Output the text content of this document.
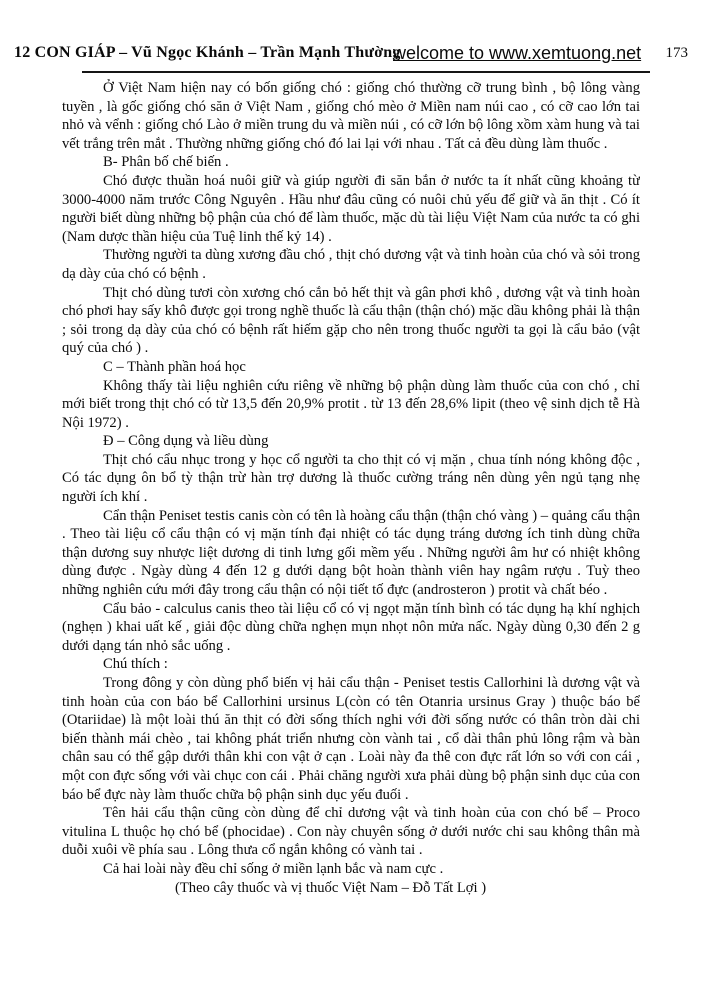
12 CON GIÁP – Vũ Ngọc Khánh – Trần Mạnh Thường
welcome to www.xemtuong.net 173

Ở Việt Nam hiện nay có bốn giống chó : giống chó thường cỡ trung bình , bộ lông vàng tuyền , là gốc giống chó săn ở Việt Nam , giống chó mèo ở Miền nam núi cao , có cỡ cao lớn tai nhỏ và vểnh : giống chó Lào ở miền trung du và miền núi , có cỡ lớn bộ lông xồm xàm hung và tai vết trắng trên mắt . Thường những giống chó đó lai lại với nhau . Tất cả đều dùng làm thuốc .

B- Phân bố chế biến .

Chó được thuần hoá nuôi giữ và giúp người đi săn bắn ở nước ta ít nhất cũng khoảng từ 3000-4000 năm trước Công Nguyên . Hầu như đâu cũng có nuôi chủ yếu để giữ và ăn thịt . Có ít người biết dùng những bộ phận của chó để làm thuốc, mặc dù tài liệu Việt Nam của nước ta có ghi (Nam dược thần hiệu của Tuệ linh thế kỷ 14) .

Thường người ta dùng xương đầu chó , thịt chó dương vật và tinh hoàn của chó và sỏi trong dạ dày của chó có bệnh .

Thịt chó dùng tươi còn xương chó cắn bỏ hết thịt và gân phơi khô , dương vật và tinh hoàn chó phơi hay sấy khô được gọi trong nghề thuốc là cẩu thận (thận chó) mặc dầu không phải là thận ; sỏi trong dạ dày của chó có bệnh rất hiếm gặp cho nên trong thuốc người ta gọi là cẩu bảo (vật quý của chó ) .

C – Thành phần hoá học

Không thấy tài liệu nghiên cứu riêng về những bộ phận dùng làm thuốc của con chó , chỉ mới biết trong thịt chó có từ 13,5 đến 20,9% protit . từ 13 đến 28,6% lipit (theo vệ sinh dịch tễ Hà Nội 1972) .

Đ – Công dụng và liều dùng

Thịt chó cẩu nhục trong y học cổ người ta cho thịt có vị mặn , chua tính nóng không độc , Có tác dụng ôn bổ tỳ thận trừ hàn trợ dương là thuốc cường tráng nên dùng yên ngủ tạng nhẹ người ích khí .

Cẩn thận Peniset testis canis còn có tên là hoàng cẩu thận (thận chó vàng ) – quảng cẩu thận . Theo tài liệu cổ cẩu thận có vị mặn tính đại nhiệt có tác dụng tráng dương ích tinh dùng chữa thận dương suy nhược liệt dương di tinh lưng gối mềm yếu . Những người âm hư có nhiệt không dùng được . Ngày dùng 4 đến 12 g dưới dạng bột hoàn thành viên hay ngâm rượu . Tuỳ theo những nghiên cứu mới đây trong cẩu thận có nội tiết tố đực (androsteron ) protit và chất béo .

Cẩu bảo - calculus canis theo tài liệu cổ có vị ngọt mặn tính bình có tác dụng hạ khí nghịch (nghẹn ) khai uất kế , giải độc dùng chữa nghẹn mụn nhọt nôn mửa nấc. Ngày dùng 0,30 đến 2 g dưới dạng tán nhỏ sắc uống .

Chú thích :

Trong đông y còn dùng phổ biến vị hải cẩu thận - Peniset testis Callorhini là dương vật và tinh hoàn của con báo bể Callorhini ursinus L(còn có tên Otanria ursinus Gray ) thuộc báo bể (Otariidae) là một loài thú ăn thịt có đời sống thích nghi với đời sống nước có thân tròn dài chi biến thành mái chèo , tai không phát triển nhưng còn vành tai , cổ dài thân phủ lông rậm và bàn chân sau có thể gập dưới thân khi con vật ở cạn . Loài này đa thê con đực rất lớn so với con cái , một con đực sống với vài chục con cái . Phải chăng người xưa phải dùng bộ phận sinh dục của con báo bể đực này làm thuốc chữa bộ phận sinh dục yếu đuối .

Tên hải cẩu thận cũng còn dùng để chỉ dương vật và tinh hoàn của con chó bể – Proco vitulina L thuộc họ chó bể (phocidae) . Con này chuyên sống ở dưới nước chi sau không thân mà duỗi xuôi về phía sau . Lông thưa cổ ngắn không có vành tai .

Cả hai loài này đều chỉ sống ở miền lạnh bắc và nam cực .

(Theo cây thuốc và vị thuốc Việt Nam – Đỗ Tất Lợi )
